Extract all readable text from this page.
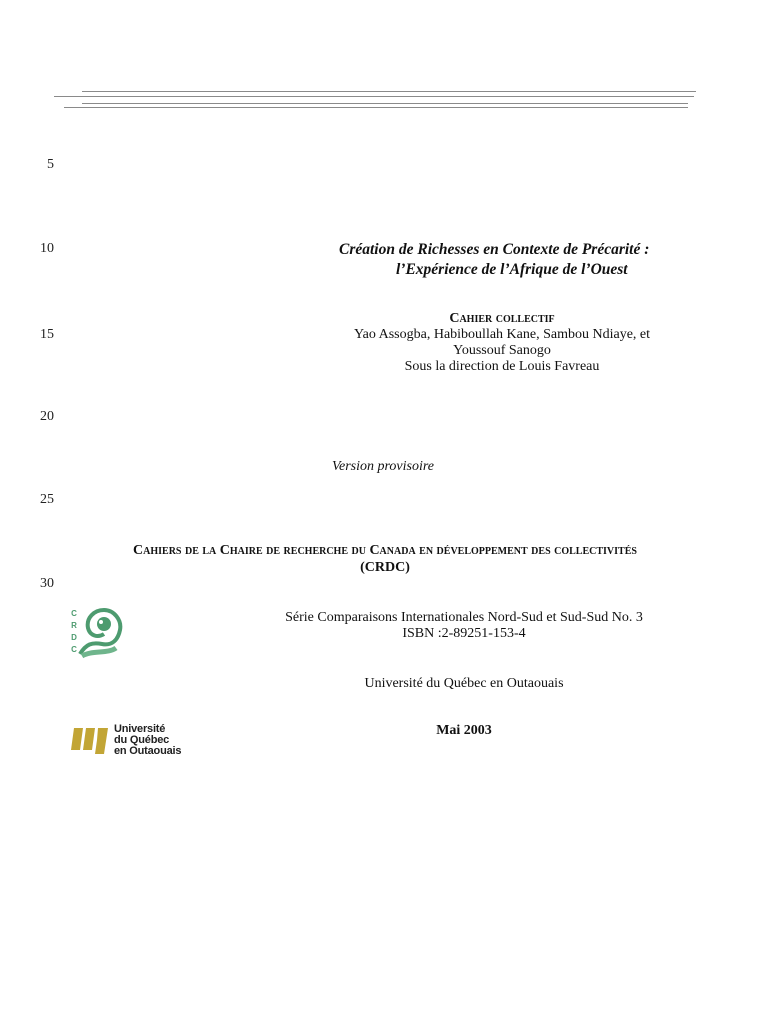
5
10
15
20
25
30
Création de Richesses en Contexte de Précarité :
l’Expérience de l’Afrique de l’Ouest
Cahier collectif
Yao Assogba, Habiboullah Kane, Sambou Ndiaye, et
Youssouf Sanogo
Sous la direction de Louis Favreau
Version provisoire
Cahiers de la Chaire de recherche du Canada en développement des collectivités
(CRDC)
C
R
D
C
Série Comparaisons Internationales Nord-Sud et Sud-Sud No. 3
ISBN :2-89251-153-4
Université du Québec en Outaouais
Université
du Québec
en Outaouais
Mai 2003
